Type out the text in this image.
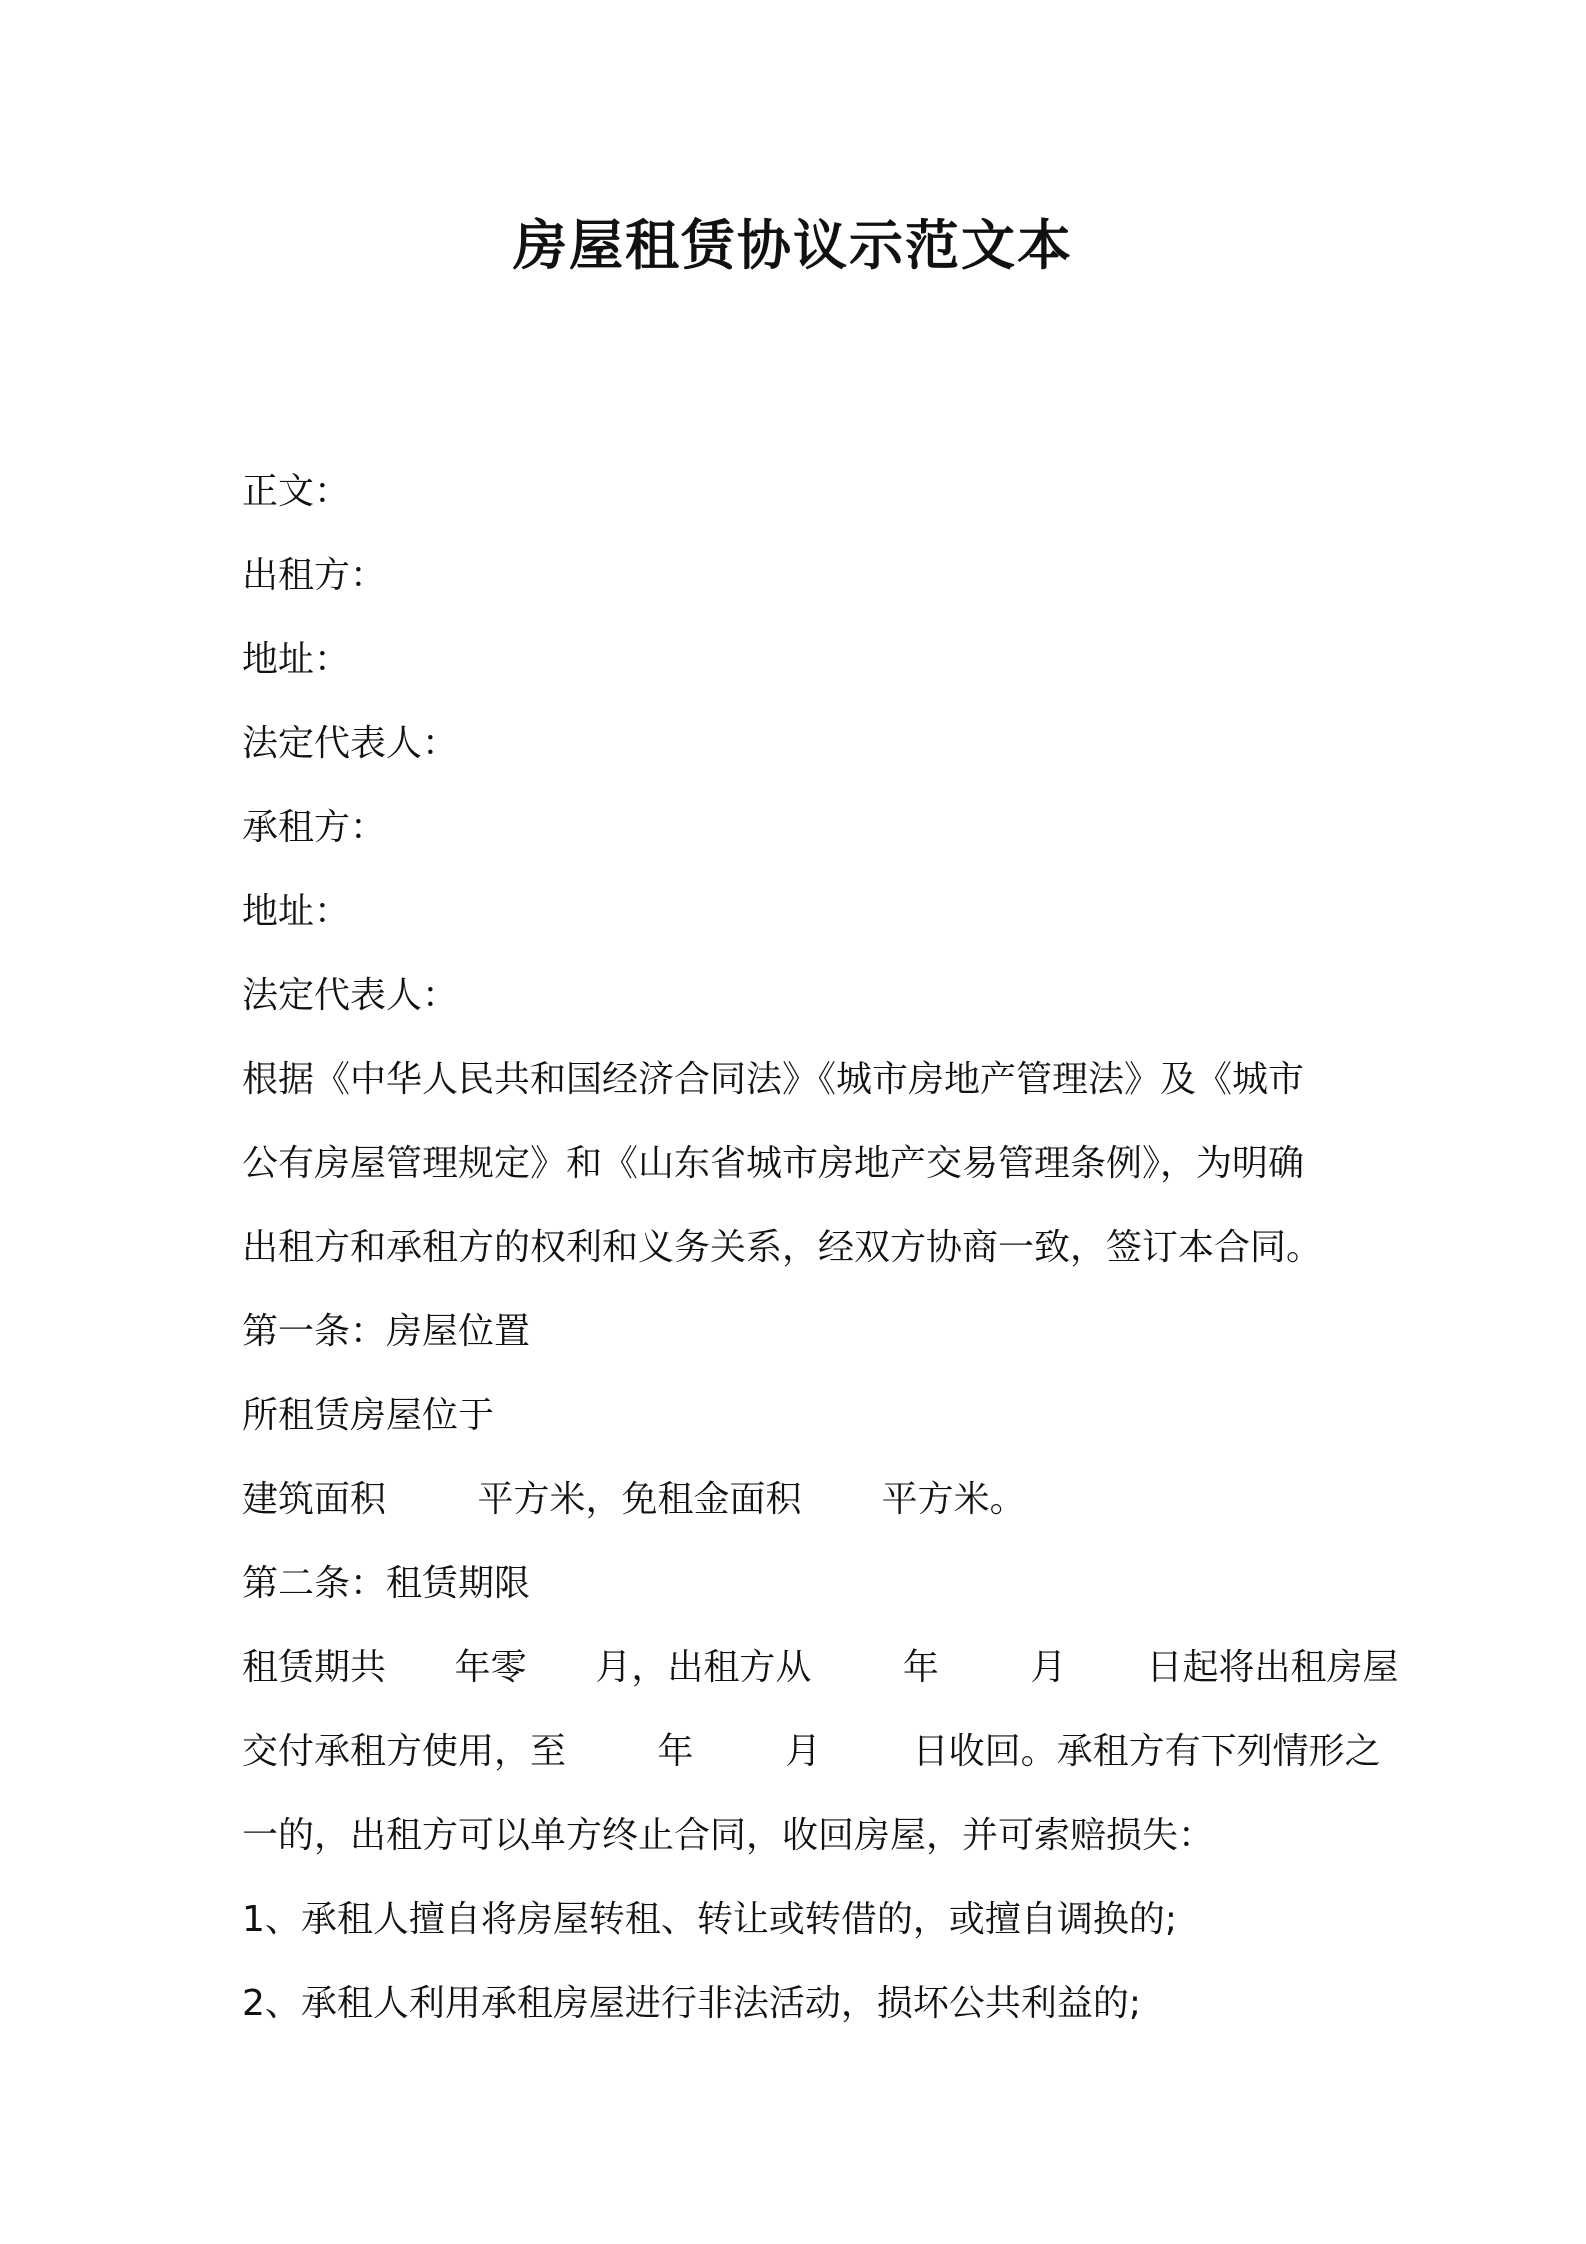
房屋租赁协议示范文本
正文：
出租方：
地址：
法定代表人：
承租方：
地址：
法定代表人：
根据《中华人民共和国经济合同法》《城市房地产管理法》及《城市
公有房屋管理规定》和《山东省城市房地产交易管理条例》，为明确
出租方和承租方的权利和义务关系，经双方协商一致，签订本合同。
第一条：房屋位置
所租赁房屋位于
建筑面积        平方米，免租金面积       平方米。
第二条：租赁期限
租赁期共      年零      月，出租方从        年        月       日起将出租房屋
交付承租方使用，至        年        月        日收回。承租方有下列情形之
一的，出租方可以单方终止合同，收回房屋，并可索赔损失：
1、承租人擅自将房屋转租、转让或转借的，或擅自调换的;
2、承租人利用承租房屋进行非法活动，损坏公共利益的;
